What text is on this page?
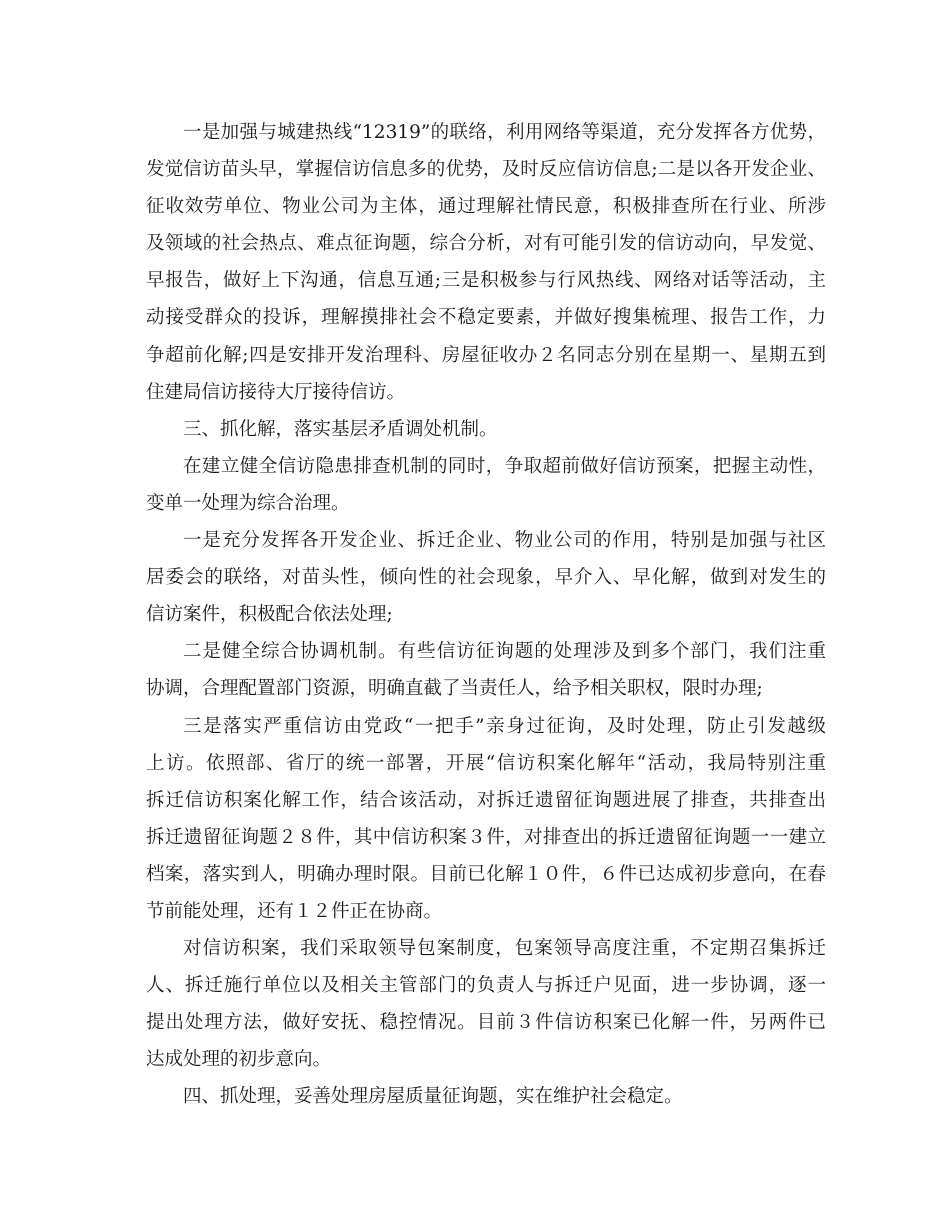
一是加强与城建热线“12319”的联络，利用网络等渠道，充分发挥各方优势，
发觉信访苗头早，掌握信访信息多的优势，及时反应信访信息;二是以各开发企业、
征收效劳单位、物业公司为主体，通过理解社情民意，积极排查所在行业、所涉
及领域的社会热点、难点征询题，综合分析，对有可能引发的信访动向，早发觉、
早报告，做好上下沟通，信息互通;三是积极参与行风热线、网络对话等活动，主
动接受群众的投诉，理解摸排社会不稳定要素，并做好搜集梳理、报告工作，力
争超前化解;四是安排开发治理科、房屋征收办２名同志分别在星期一、星期五到
住建局信访接待大厅接待信访。
三、抓化解，落实基层矛盾调处机制。
在建立健全信访隐患排查机制的同时，争取超前做好信访预案，把握主动性，
变单一处理为综合治理。
一是充分发挥各开发企业、拆迁企业、物业公司的作用，特别是加强与社区
居委会的联络，对苗头性，倾向性的社会现象，早介入、早化解，做到对发生的
信访案件，积极配合依法处理;
二是健全综合协调机制。有些信访征询题的处理涉及到多个部门，我们注重
协调，合理配置部门资源，明确直截了当责任人，给予相关职权，限时办理;
三是落实严重信访由党政“一把手”亲身过征询，及时处理，防止引发越级
上访。依照部、省厅的统一部署，开展“信访积案化解年“活动，我局特别注重
拆迁信访积案化解工作，结合该活动，对拆迁遗留征询题进展了排查，共排查出
拆迁遗留征询题２８件，其中信访积案３件，对排查出的拆迁遗留征询题一一建立
档案，落实到人，明确办理时限。目前已化解１０件，６件已达成初步意向，在春
节前能处理，还有１２件正在协商。
对信访积案，我们采取领导包案制度，包案领导高度注重，不定期召集拆迁
人、拆迁施行单位以及相关主管部门的负责人与拆迁户见面，进一步协调，逐一
提出处理方法，做好安抚、稳控情况。目前３件信访积案已化解一件，另两件已
达成处理的初步意向。
四、抓处理，妥善处理房屋质量征询题，实在维护社会稳定。
